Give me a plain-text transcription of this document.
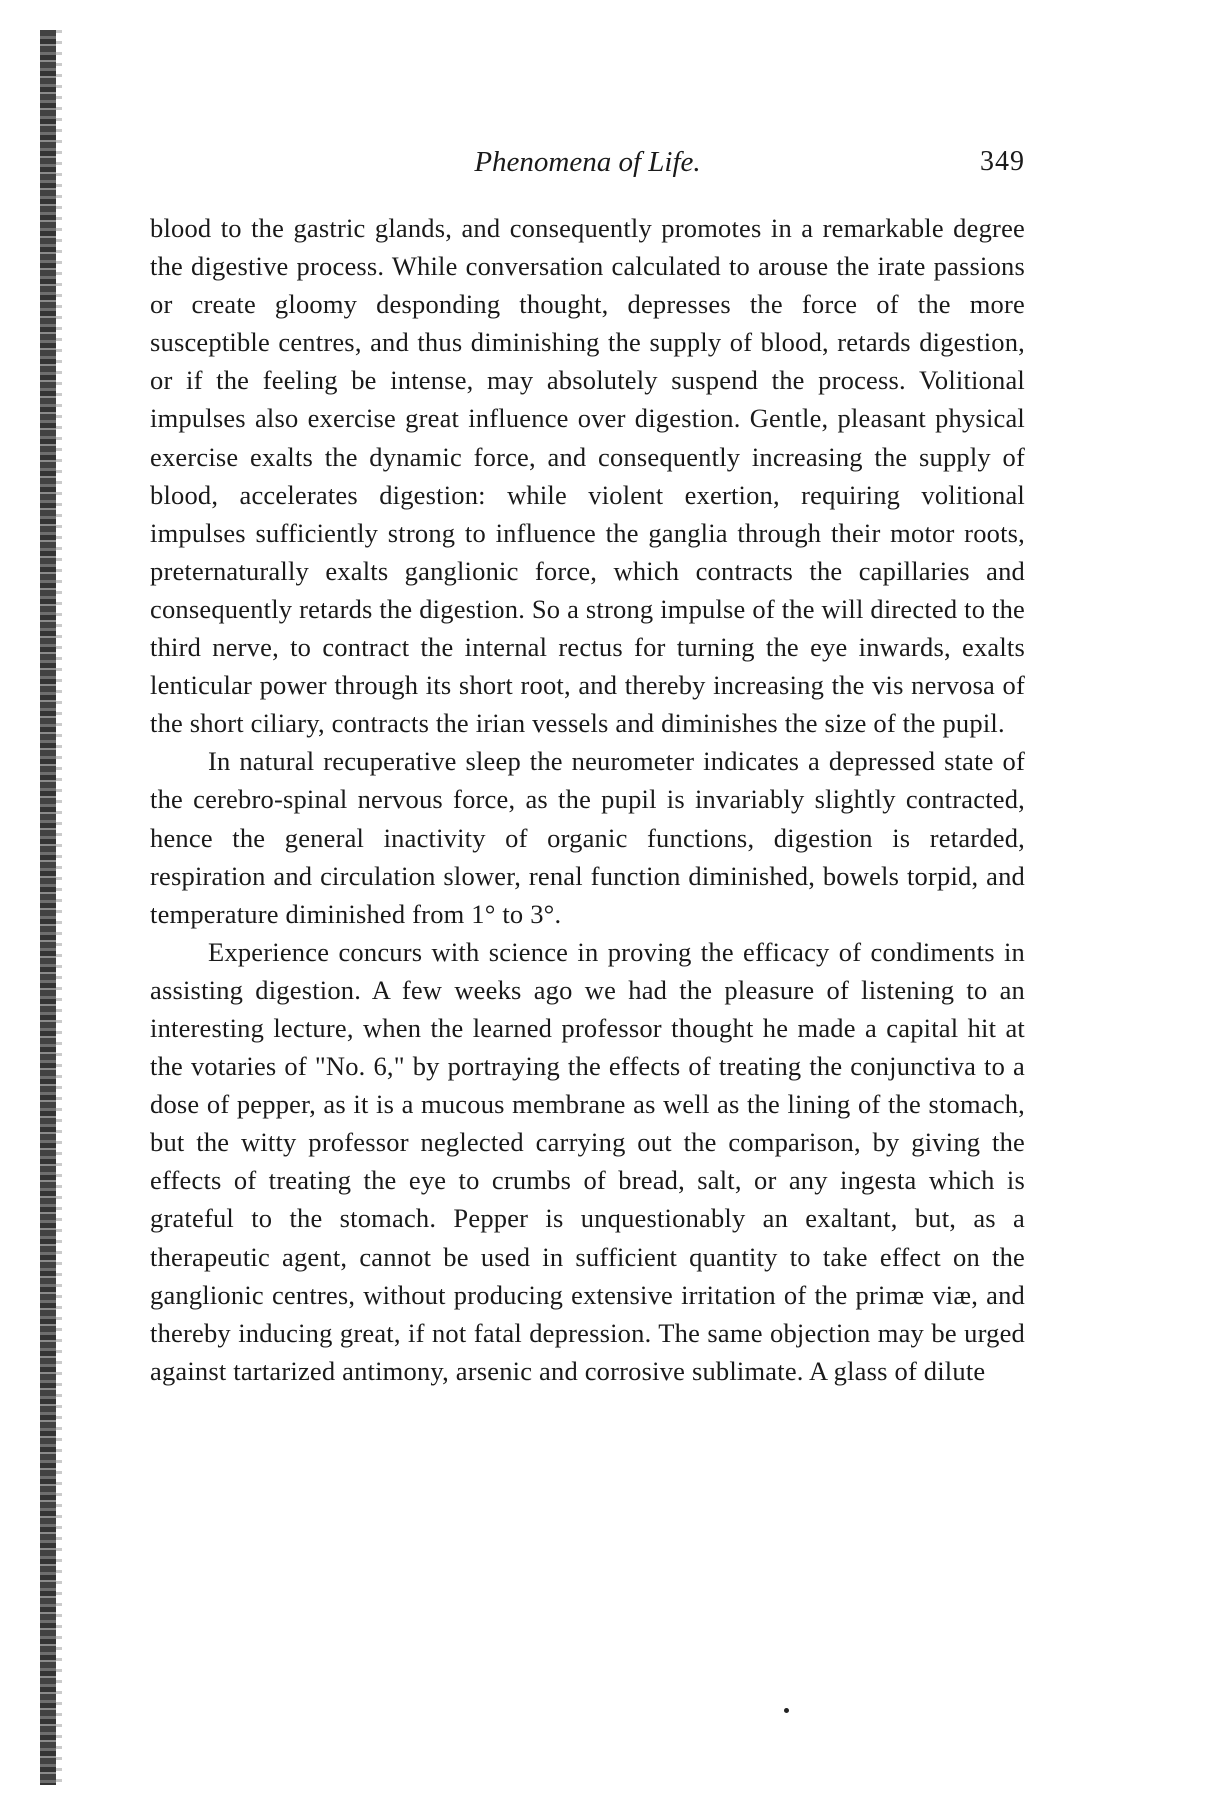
Phenomena of Life.	349

blood to the gastric glands, and consequently promotes in a remarkable degree the digestive process. While conversation calculated to arouse the irate passions or create gloomy desponding thought, depresses the force of the more susceptible centres, and thus diminishing the supply of blood, retards digestion, or if the feeling be intense, may absolutely suspend the process. Volitional impulses also exercise great influence over digestion. Gentle, pleasant physical exercise exalts the dynamic force, and consequently increasing the supply of blood, accelerates digestion: while violent exertion, requiring volitional impulses sufficiently strong to influence the ganglia through their motor roots, preternaturally exalts ganglionic force, which contracts the capillaries and consequently retards the digestion. So a strong impulse of the will directed to the third nerve, to contract the internal rectus for turning the eye inwards, exalts lenticular power through its short root, and thereby increasing the vis nervosa of the short ciliary, contracts the irian vessels and diminishes the size of the pupil.

In natural recuperative sleep the neurometer indicates a depressed state of the cerebro-spinal nervous force, as the pupil is invariably slightly contracted, hence the general inactivity of organic functions, digestion is retarded, respiration and circulation slower, renal function diminished, bowels torpid, and temperature diminished from 1° to 3°.

Experience concurs with science in proving the efficacy of condiments in assisting digestion. A few weeks ago we had the pleasure of listening to an interesting lecture, when the learned professor thought he made a capital hit at the votaries of "No. 6," by portraying the effects of treating the conjunctiva to a dose of pepper, as it is a mucous membrane as well as the lining of the stomach, but the witty professor neglected carrying out the comparison, by giving the effects of treating the eye to crumbs of bread, salt, or any ingesta which is grateful to the stomach. Pepper is unquestionably an exaltant, but, as a therapeutic agent, cannot be used in sufficient quantity to take effect on the ganglionic centres, without producing extensive irritation of the primæ viæ, and thereby inducing great, if not fatal depression. The same objection may be urged against tartarized antimony, arsenic and corrosive sublimate. A glass of dilute
